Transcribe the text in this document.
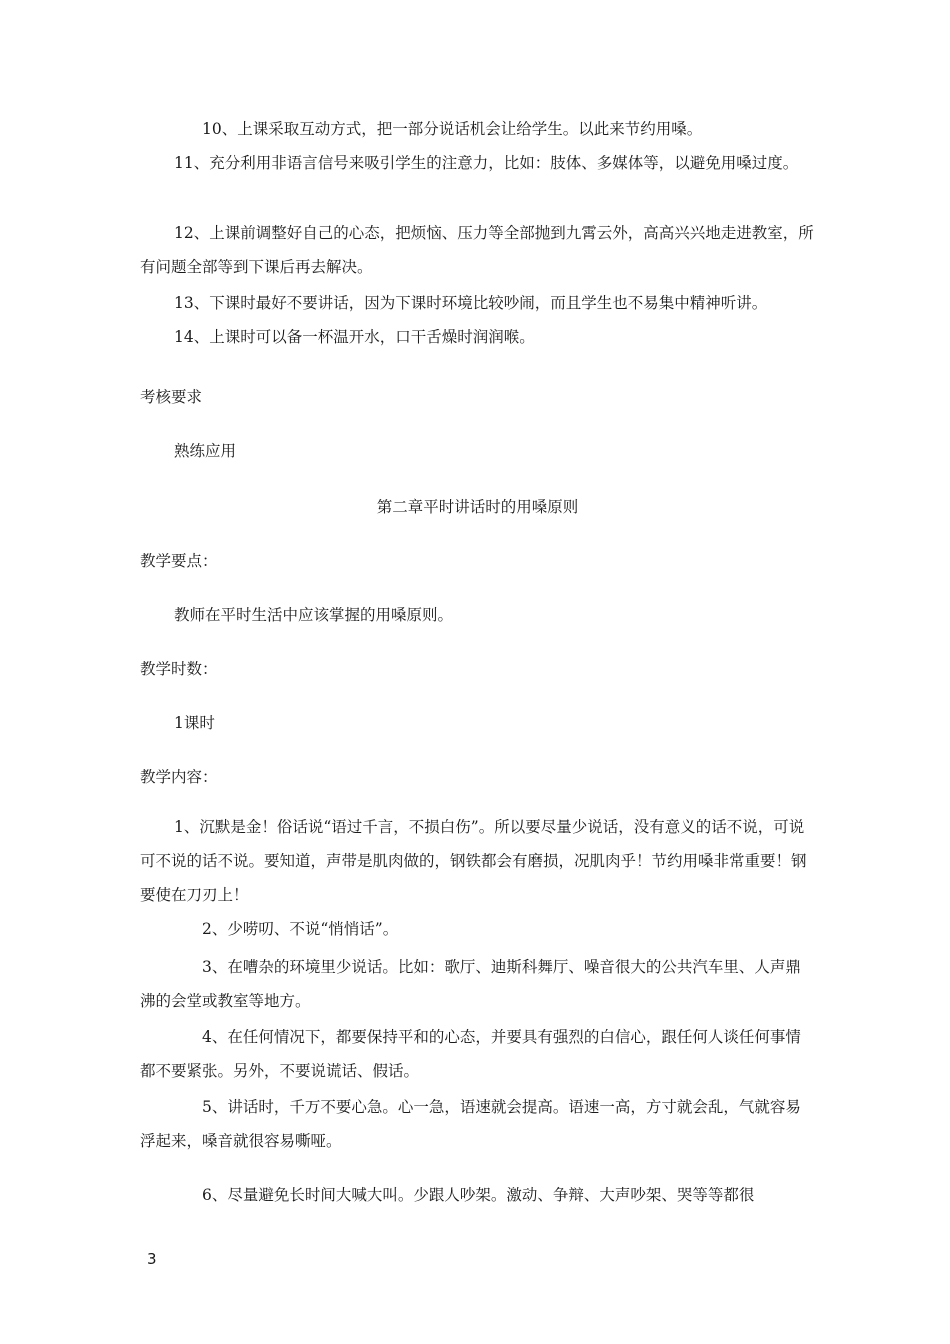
10、上课采取互动方式，把一部分说话机会让给学生。以此来节约用嗓。

11、充分利用非语言信号来吸引学生的注意力，比如：肢体、多媒体等，以避免用嗓过度。

12、上课前调整好自己的心态，把烦恼、压力等全部抛到九霄云外，高高兴兴地走进教室，所有问题全部等到下课后再去解决。

13、下课时最好不要讲话，因为下课时环境比较吵闹，而且学生也不易集中精神听讲。

14、上课时可以备一杯温开水，口干舌燥时润润喉。

考核要求

熟练应用

第二章平时讲话时的用嗓原则

教学要点：

教师在平时生活中应该掌握的用嗓原则。

教学时数：

1课时

教学内容：

1、沉默是金！俗话说“语过千言，不损白伤”。所以要尽量少说话，没有意义的话不说，可说可不说的话不说。要知道，声带是肌肉做的，钢铁都会有磨损，况肌肉乎！节约用嗓非常重要！钢要使在刀刃上！

2、少唠叨、不说“悄悄话”。

3、在嘈杂的环境里少说话。比如：歌厅、迪斯科舞厅、噪音很大的公共汽车里、人声鼎沸的会堂或教室等地方。

4、在任何情况下，都要保持平和的心态，并要具有强烈的白信心，跟任何人谈任何事情都不要紧张。另外，不要说谎话、假话。

5、讲话时，千万不要心急。心一急，语速就会提高。语速一高，方寸就会乱，气就容易浮起来，嗓音就很容易嘶哑。

6、尽量避免长时间大喊大叫。少跟人吵架。激动、争辩、大声吵架、哭等等都很

3
